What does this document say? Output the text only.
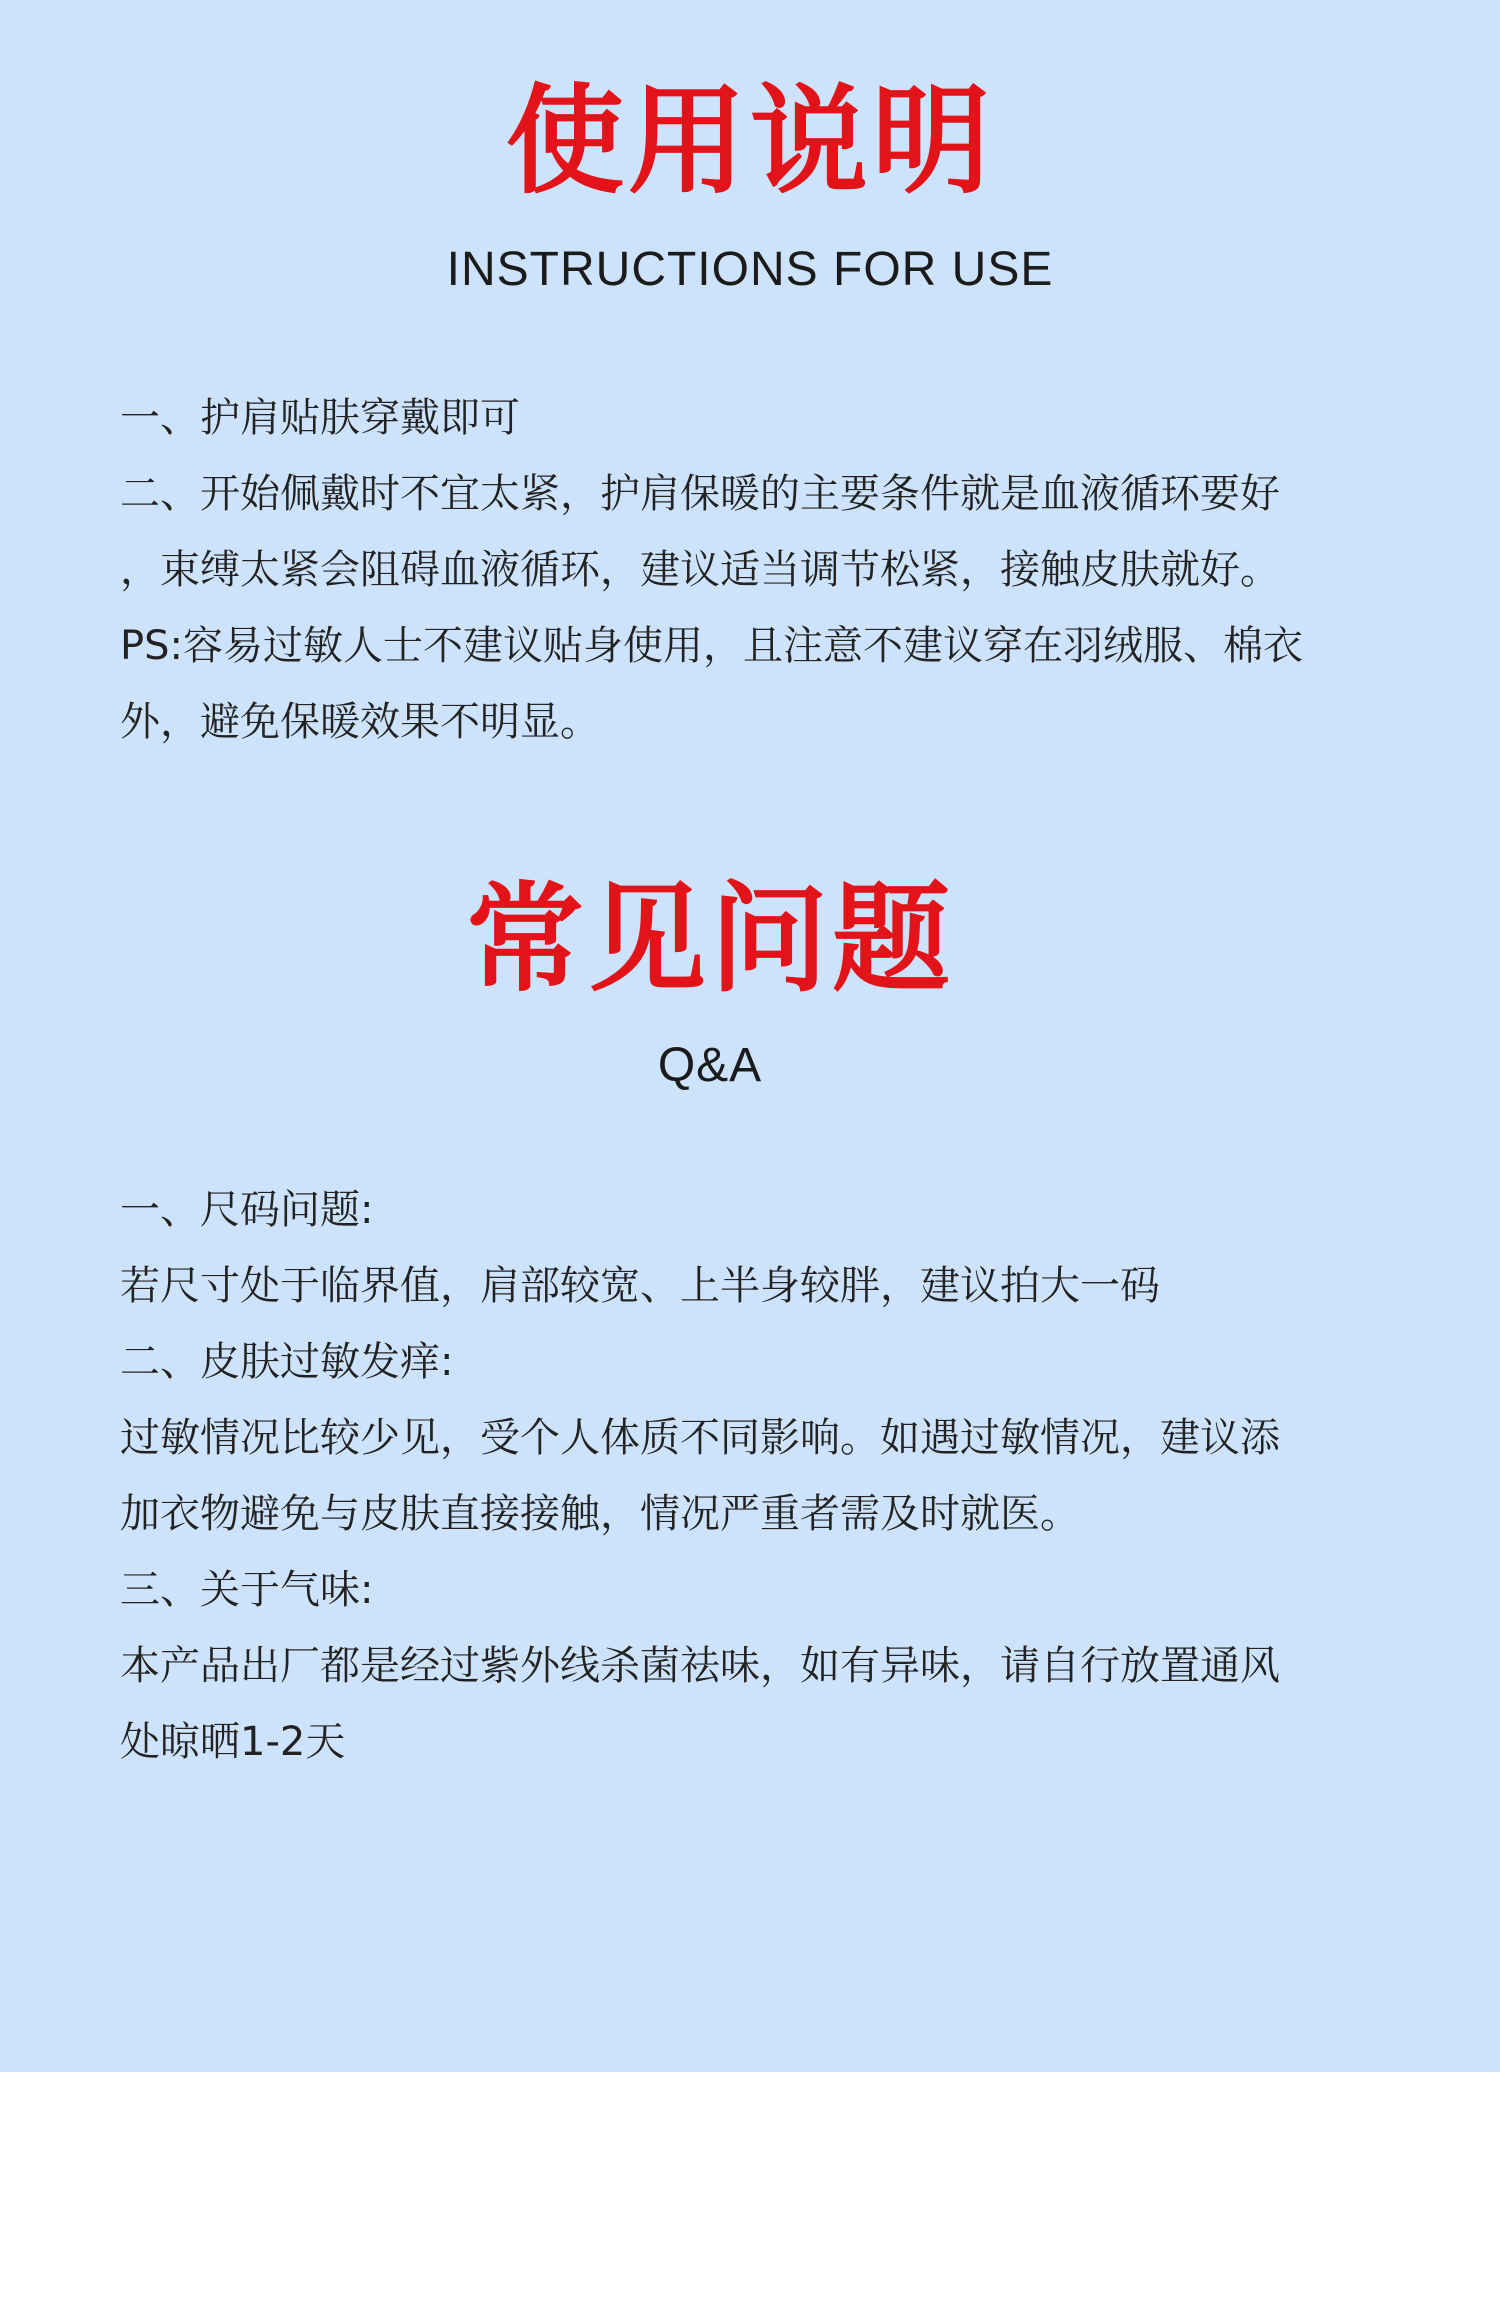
使用说明
INSTRUCTIONS FOR USE
一、护肩贴肤穿戴即可
二、开始佩戴时不宜太紧，护肩保暖的主要条件就是血液循环要好
，束缚太紧会阻碍血液循环，建议适当调节松紧，接触皮肤就好。
PS:容易过敏人士不建议贴身使用，且注意不建议穿在羽绒服、棉衣
外，避免保暖效果不明显。
常见问题
Q&A
一、尺码问题:
若尺寸处于临界值，肩部较宽、上半身较胖，建议拍大一码
二、皮肤过敏发痒:
过敏情况比较少见，受个人体质不同影响。如遇过敏情况，建议添
加衣物避免与皮肤直接接触，情况严重者需及时就医。
三、关于气味:
本产品出厂都是经过紫外线杀菌祛味，如有异味，请自行放置通风
处晾晒1-2天
